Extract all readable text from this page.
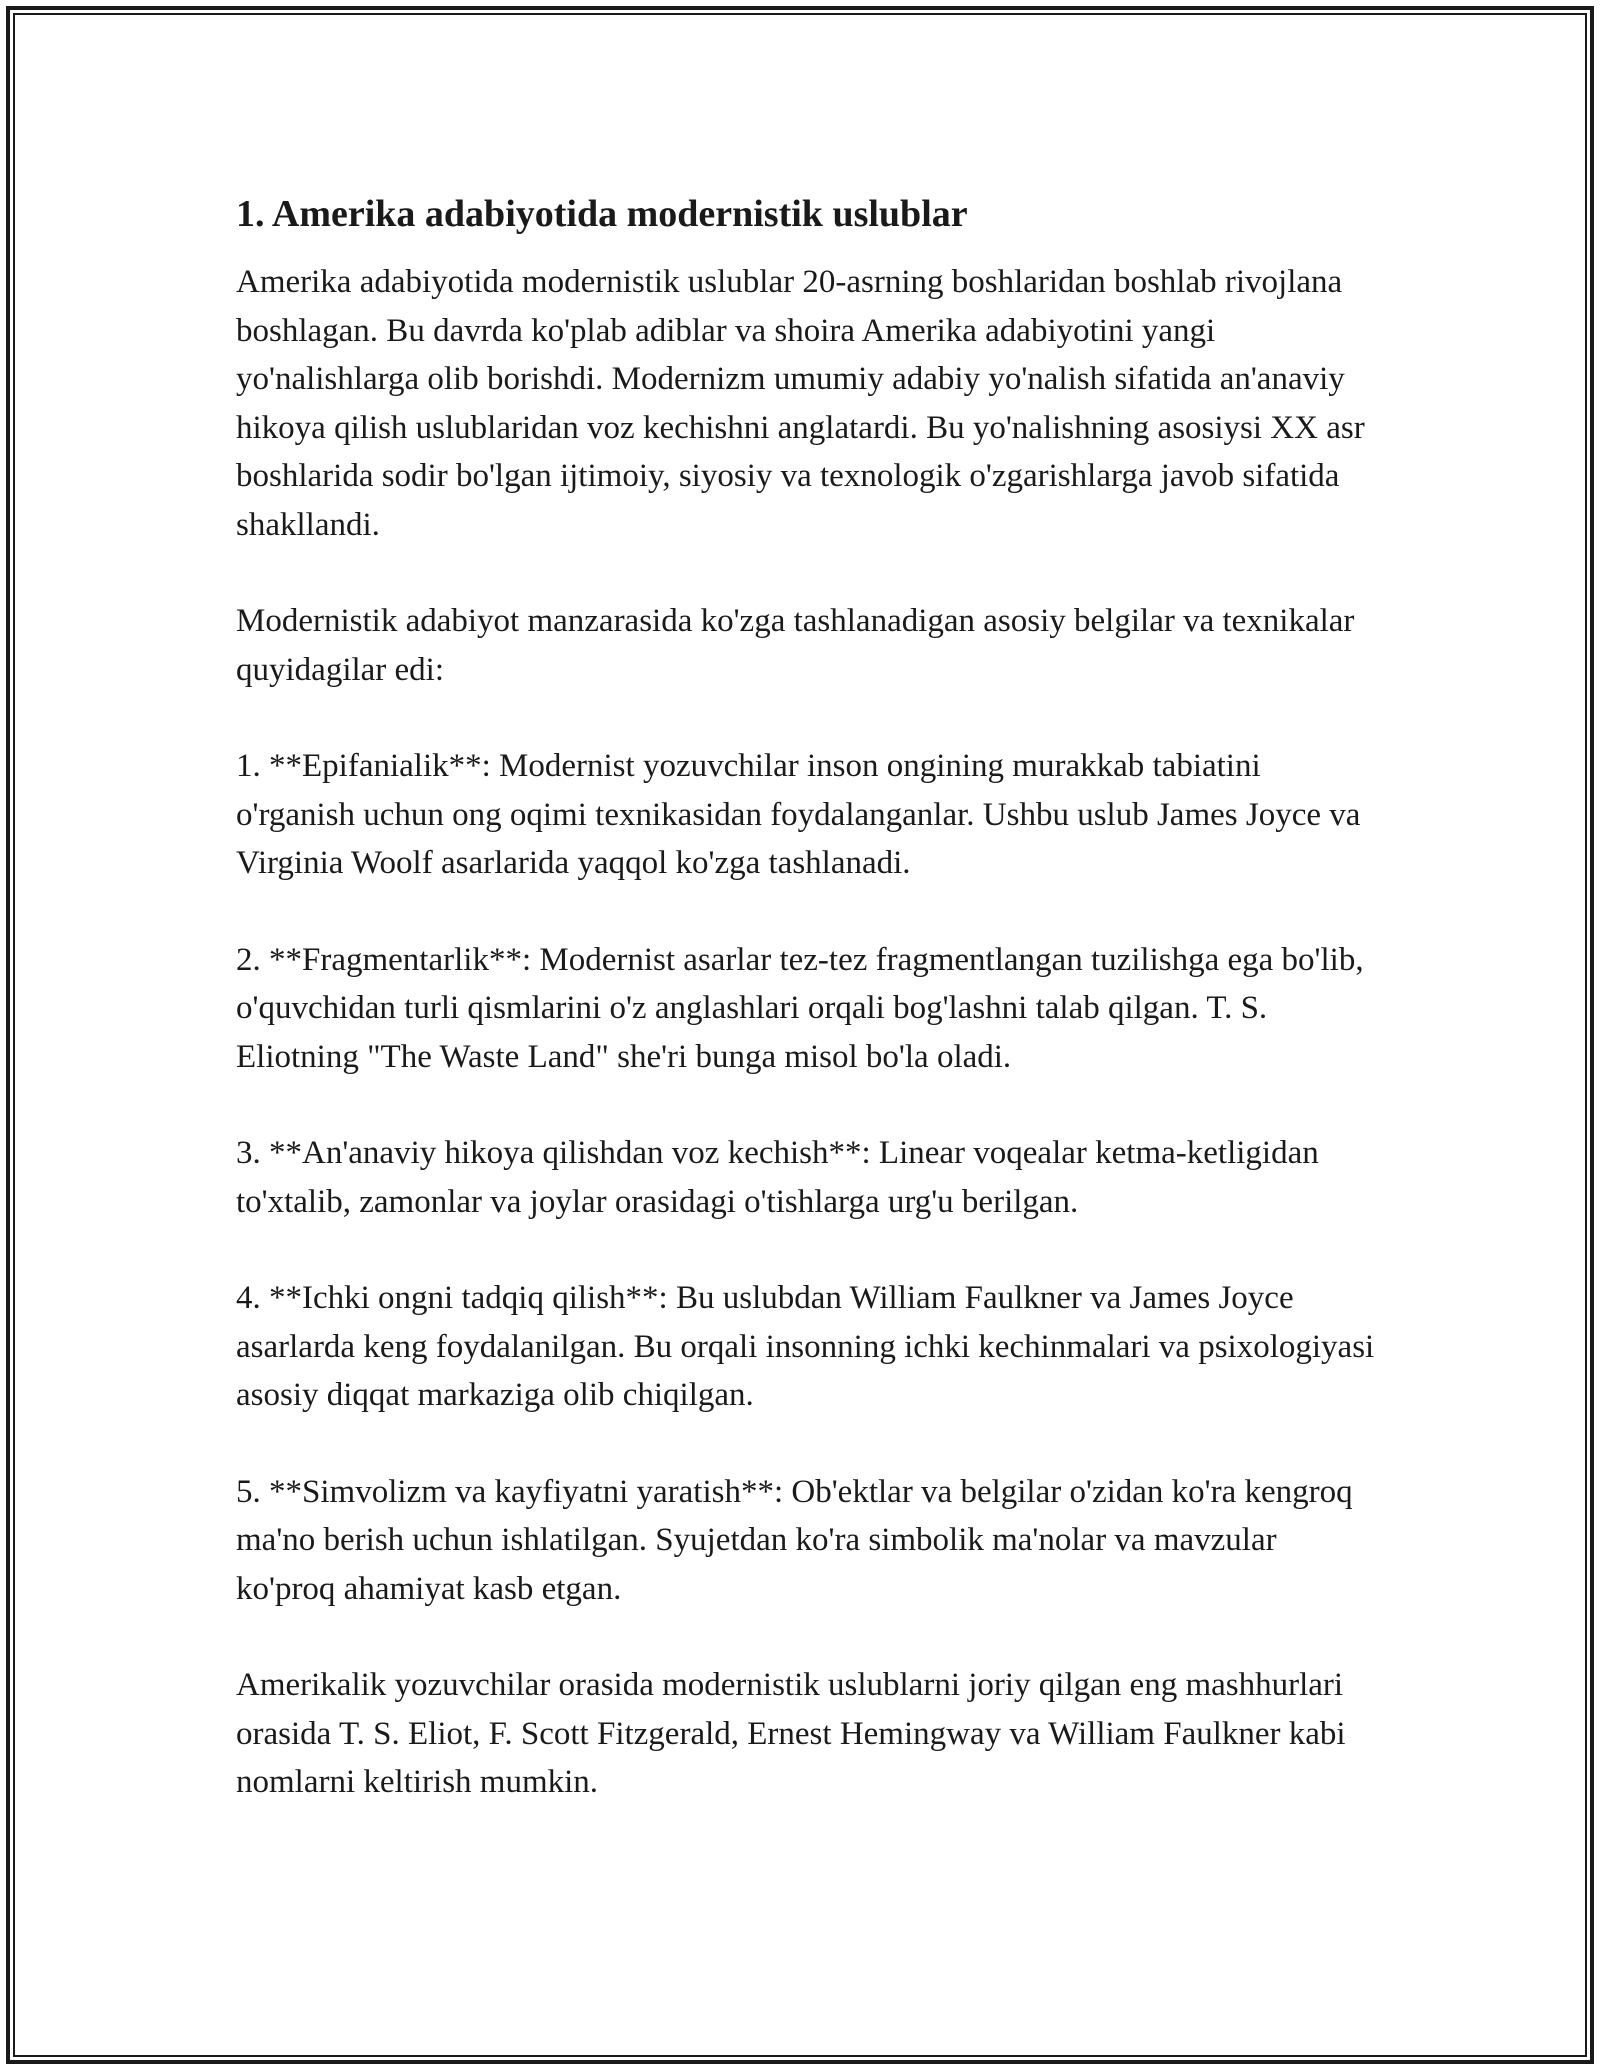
1. Amerika adabiyotida modernistik uslublar

Amerika adabiyotida modernistik uslublar 20-asrning boshlaridan boshlab rivojlana boshlagan. Bu davrda ko'plab adiblar va shoira Amerika adabiyotini yangi yo'nalishlarga olib borishdi. Modernizm umumiy adabiy yo'nalish sifatida an'anaviy hikoya qilish uslublaridan voz kechishni anglatardi. Bu yo'nalishning asosiysi XX asr boshlarida sodir bo'lgan ijtimoiy, siyosiy va texnologik o'zgarishlarga javob sifatida shakllandi.

Modernistik adabiyot manzarasida ko'zga tashlanadigan asosiy belgilar va texnikalar quyidagilar edi:

1. **Epifanialik**: Modernist yozuvchilar inson ongining murakkab tabiatini o'rganish uchun ong oqimi texnikasidan foydalanganlar. Ushbu uslub James Joyce va Virginia Woolf asarlarida yaqqol ko'zga tashlanadi.

2. **Fragmentarlik**: Modernist asarlar tez-tez fragmentlangan tuzilishga ega bo'lib, o'quvchidan turli qismlarini o'z anglashlari orqali bog'lashni talab qilgan. T. S. Eliotning "The Waste Land" she'ri bunga misol bo'la oladi.

3. **An'anaviy hikoya qilishdan voz kechish**: Linear voqealar ketma-ketligidan to'xtalib, zamonlar va joylar orasidagi o'tishlarga urg'u berilgan.

4. **Ichki ongni tadqiq qilish**: Bu uslubdan William Faulkner va James Joyce asarlarda keng foydalanilgan. Bu orqali insonning ichki kechinmalari va psixologiyasi asosiy diqqat markaziga olib chiqilgan.

5. **Simvolizm va kayfiyatni yaratish**: Ob'ektlar va belgilar o'zidan ko'ra kengroq ma'no berish uchun ishlatilgan. Syujetdan ko'ra simbolik ma'nolar va mavzular ko'proq ahamiyat kasb etgan.

Amerikalik yozuvchilar orasida modernistik uslublarni joriy qilgan eng mashhurlari orasida T. S. Eliot, F. Scott Fitzgerald, Ernest Hemingway va William Faulkner kabi nomlarni keltirish mumkin.
